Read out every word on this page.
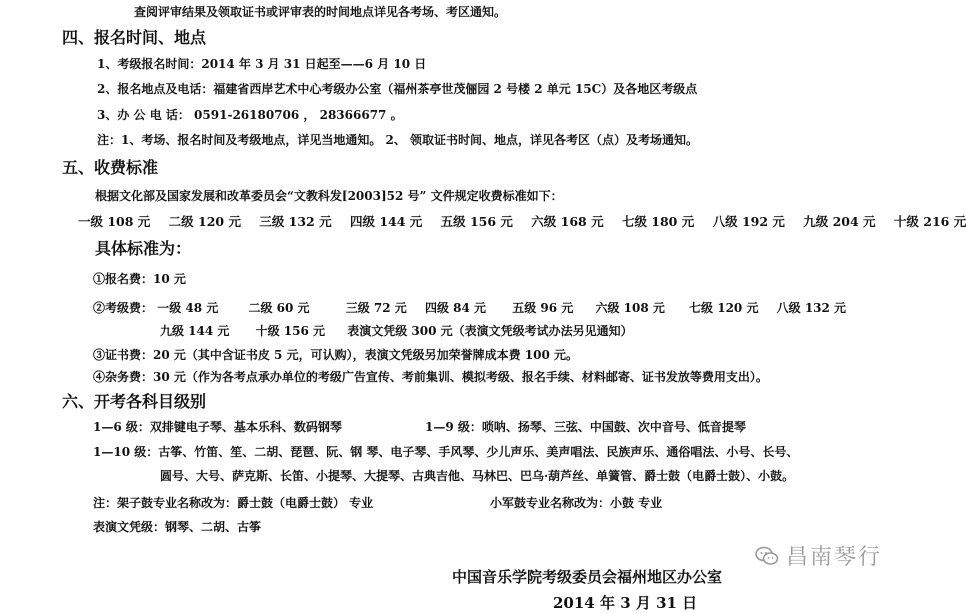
查阅评审结果及领取证书或评审表的时间地点详见各考场、考区通知。
四、报名时间、地点
1、考级报名时间：2014 年 3 月 31 日起至——6 月 10 日
2、报名地点及电话：福建省西岸艺术中心考级办公室（福州茶亭世茂俪园 2 号楼 2 单元 15C）及各地区考级点
3、办 公 电 话： 0591-26180706 ， 28366677 。
注：1、考场、报名时间及考级地点，详见当地通知。 2、 领取证书时间、地点，详见各考区（点）及考场通知。
五、收费标准
根据文化部及国家发展和改革委员会“文教科发[2003]52 号” 文件规定收费标准如下：
一级 108 元 二级 120 元 三级 132 元 四级 144 元 五级 156 元 六级 168 元 七级 180 元 八级 192 元 九级 204 元 十级 216 元
具体标准为：
①报名费：10 元
②考级费： 一级 48 元	二级 60 元	三级 72 元 四级 84 元 五级 96 元 六级 108 元 七级 120 元 八级 132 元
九级 144 元 十级 156 元 表演文凭级 300 元（表演文凭级考试办法另见通知）
③证书费：20 元（其中含证书皮 5 元，可认购），表演文凭级另加荣誉牌成本费 100 元。
④杂务费：30 元（作为各考点承办单位的考级广告宣传、考前集训、模拟考级、报名手续、材料邮寄、证书发放等费用支出）。
六、开考各科目级别
1—6 级：双排键电子琴、基本乐科、数码钢琴	1—9 级：唢呐、扬琴、三弦、中国鼓、次中音号、低音提琴
1—10 级：古筝、竹笛、笙、二胡、琵琶、阮、钢 琴、电子琴、手风琴、少儿声乐、美声唱法、民族声乐、通俗唱法、小号、长号、
圆号、大号、萨克斯、长笛、小提琴、大提琴、古典吉他、马林巴、巴乌·葫芦丝、单簧管、爵士鼓（电爵士鼓）、小鼓。
注：架子鼓专业名称改为：爵士鼓（电爵士鼓） 专业	小军鼓专业名称改为：小鼓 专业
表演文凭级：钢琴、二胡、古筝
中国音乐学院考级委员会福州地区办公室
2014 年 3 月 31 日
昌南琴行
